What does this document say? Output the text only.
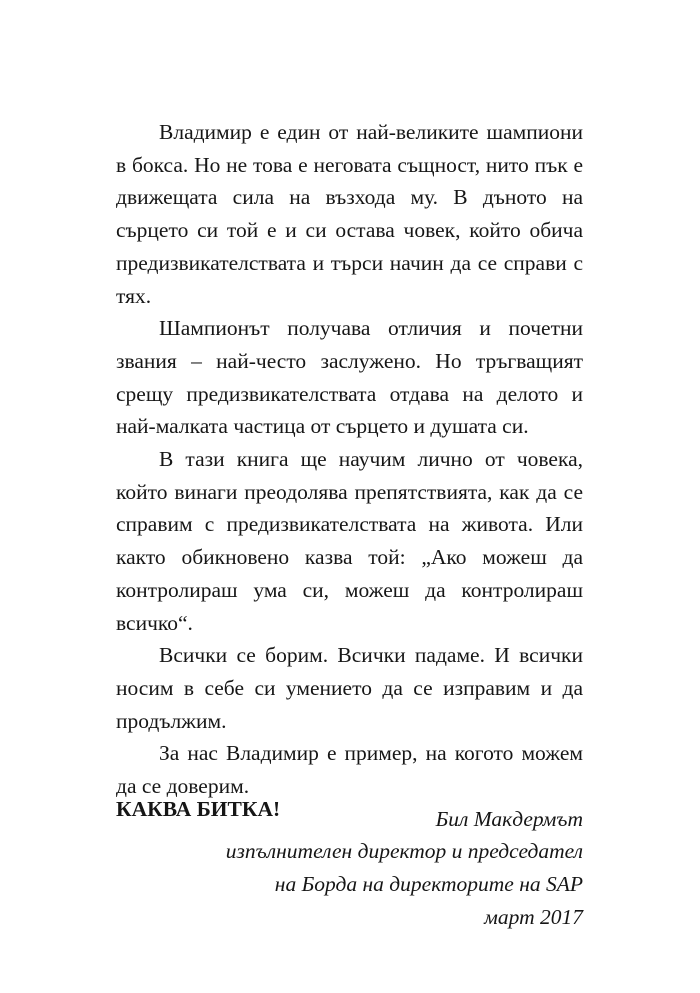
Владимир е един от най-великите шампиони в бокса. Но не това е неговата същност, нито пък е движещата сила на възхода му. В дъното на сърцето си той е и си остава човек, който обича предизвикателствата и търси начин да се справи с тях.

Шампионът получава отличия и почетни звания – най-често заслужено. Но тръгващият срещу предизвикателствата отдава на делото и най-малката частица от сърцето и душата си.

В тази книга ще научим лично от човека, който винаги преодолява препятствията, как да се справим с предизвикателствата на живота. Или както обикновено казва той: „Ако можеш да контролираш ума си, можеш да контролираш всичко“.

Всички се борим. Всички падаме. И всички носим в себе си умението да се изправим и да продължим.

За нас Владимир е пример, на когото можем да се доверим.

Бил Макдермът
изпълнителен директор и председател
на Борда на директорите на SAP
март 2017
КАКВА БИТКА!
